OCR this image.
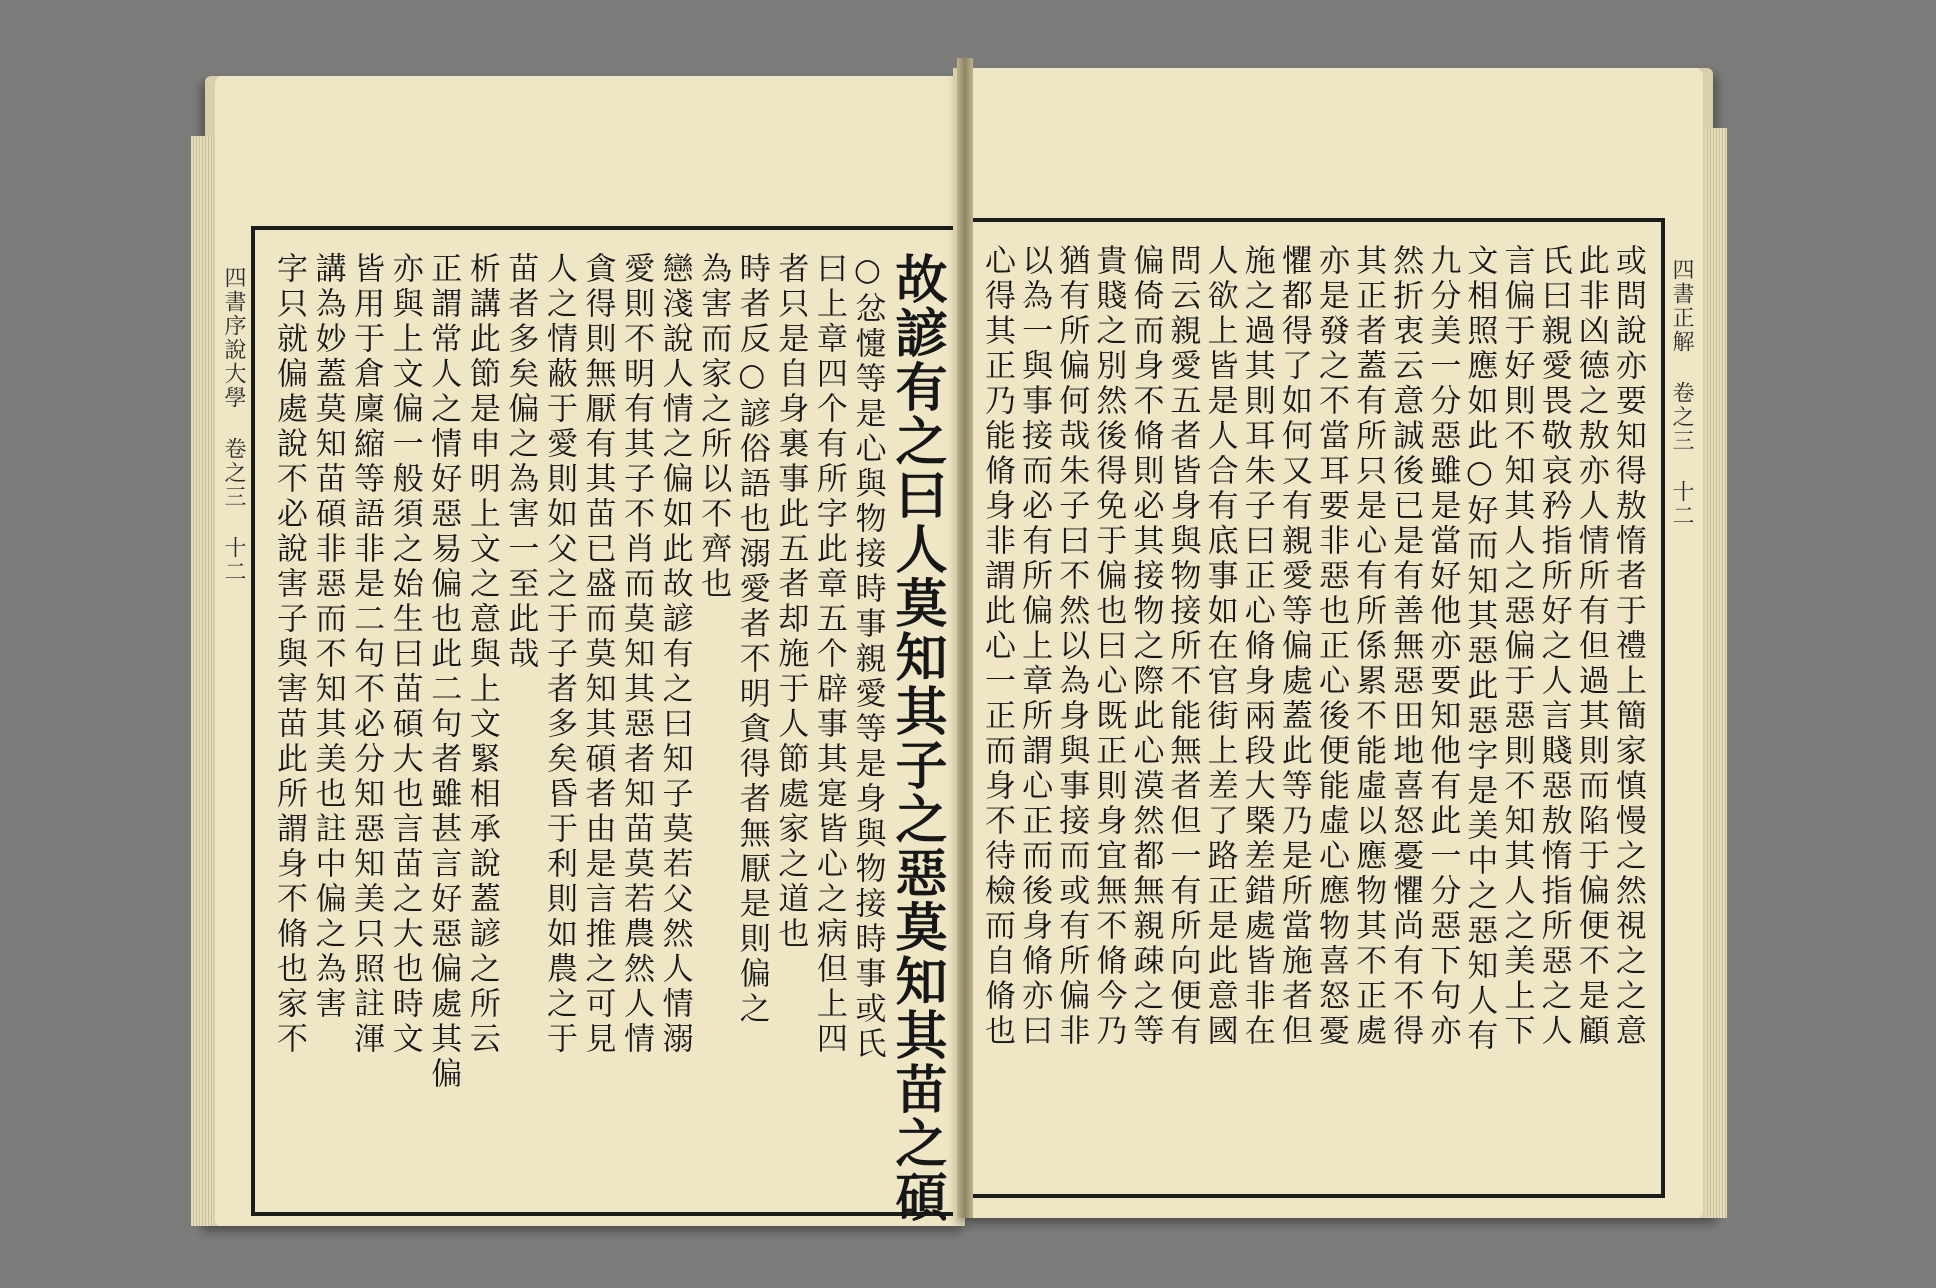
四書序說大學 卷之三 十二	故諺有之曰人莫知其子之惡莫知其苗之碩
○忿懥等是心與物接時事親愛等是身與物接時事或氏
曰上章四个有所字此章五个辟事其寔皆心之病但上四
者只是自身裏事此五者却施于人節處家之道也
時者反○諺俗語也溺愛者不明貪得者無厭是則偏之
為害而家之所以不齊也
戀淺說人情之偏如此故諺有之曰知子莫若父然人情溺
愛則不明有其子不肖而莫知其惡者知苗莫若農然人情
貪得則無厭有其苗已盛而莫知其碩者由是言推之可見
人之情蔽于愛則如父之于子者多矣昏于利則如農之于
苗者多矣偏之為害一至此哉
析講此節是申明上文之意與上文緊相承說蓋諺之所云
正謂常人之情好惡易偏也此二句者雖甚言好惡偏處其偏
亦與上文偏一般須之始生曰苗碩大也言苗之大也時文
皆用于倉廩縮等語非是二句不必分知惡知美只照註渾
講為妙蓋莫知苗碩非惡而不知其美也註中偏之為害
字只就偏處說不必說害子與害苗此所謂身不脩也家不	四書正解 卷之三 十二
或問說亦要知得敖惰者于禮上簡家慎慢之然視之之意
此非凶德之敖亦人情所有但過其則而陷于偏便不是顧
氏曰親愛畏敬哀矜指所好之人言賤惡敖惰指所惡之人
言偏于好則不知其人之惡偏于惡則不知其人之美上下
文相照應如此○好而知其惡此惡字是美中之惡知人有
九分美一分惡雖是當好他亦要知他有此一分惡下句亦
然折衷云意誠後已是有善無惡田地喜怒憂懼尚有不得
其正者蓋有所只是心有所係累不能虛以應物其不正處
亦是發之不當耳要非惡也正心後便能虛心應物喜怒憂
懼都得了如何又有親愛等偏處蓋此等乃是所當施者但
施之過其則耳朱子曰正心脩身兩段大槩差錯處皆非在
人欲上皆是人合有底事如在官街上差了路正是此意國
問云親愛五者皆身與物接所不能無者但一有所向便有
偏倚而身不脩則必其接物之際此心漠然都無親疎之等
貴賤之別然後得免于偏也曰心既正則身宜無不脩今乃
猶有所偏何哉朱子曰不然以為身與事接而或有所偏非
以為一與事接而必有所偏上章所謂心正而後身脩亦曰
心得其正乃能脩身非謂此心一正而身不待檢而自脩也
